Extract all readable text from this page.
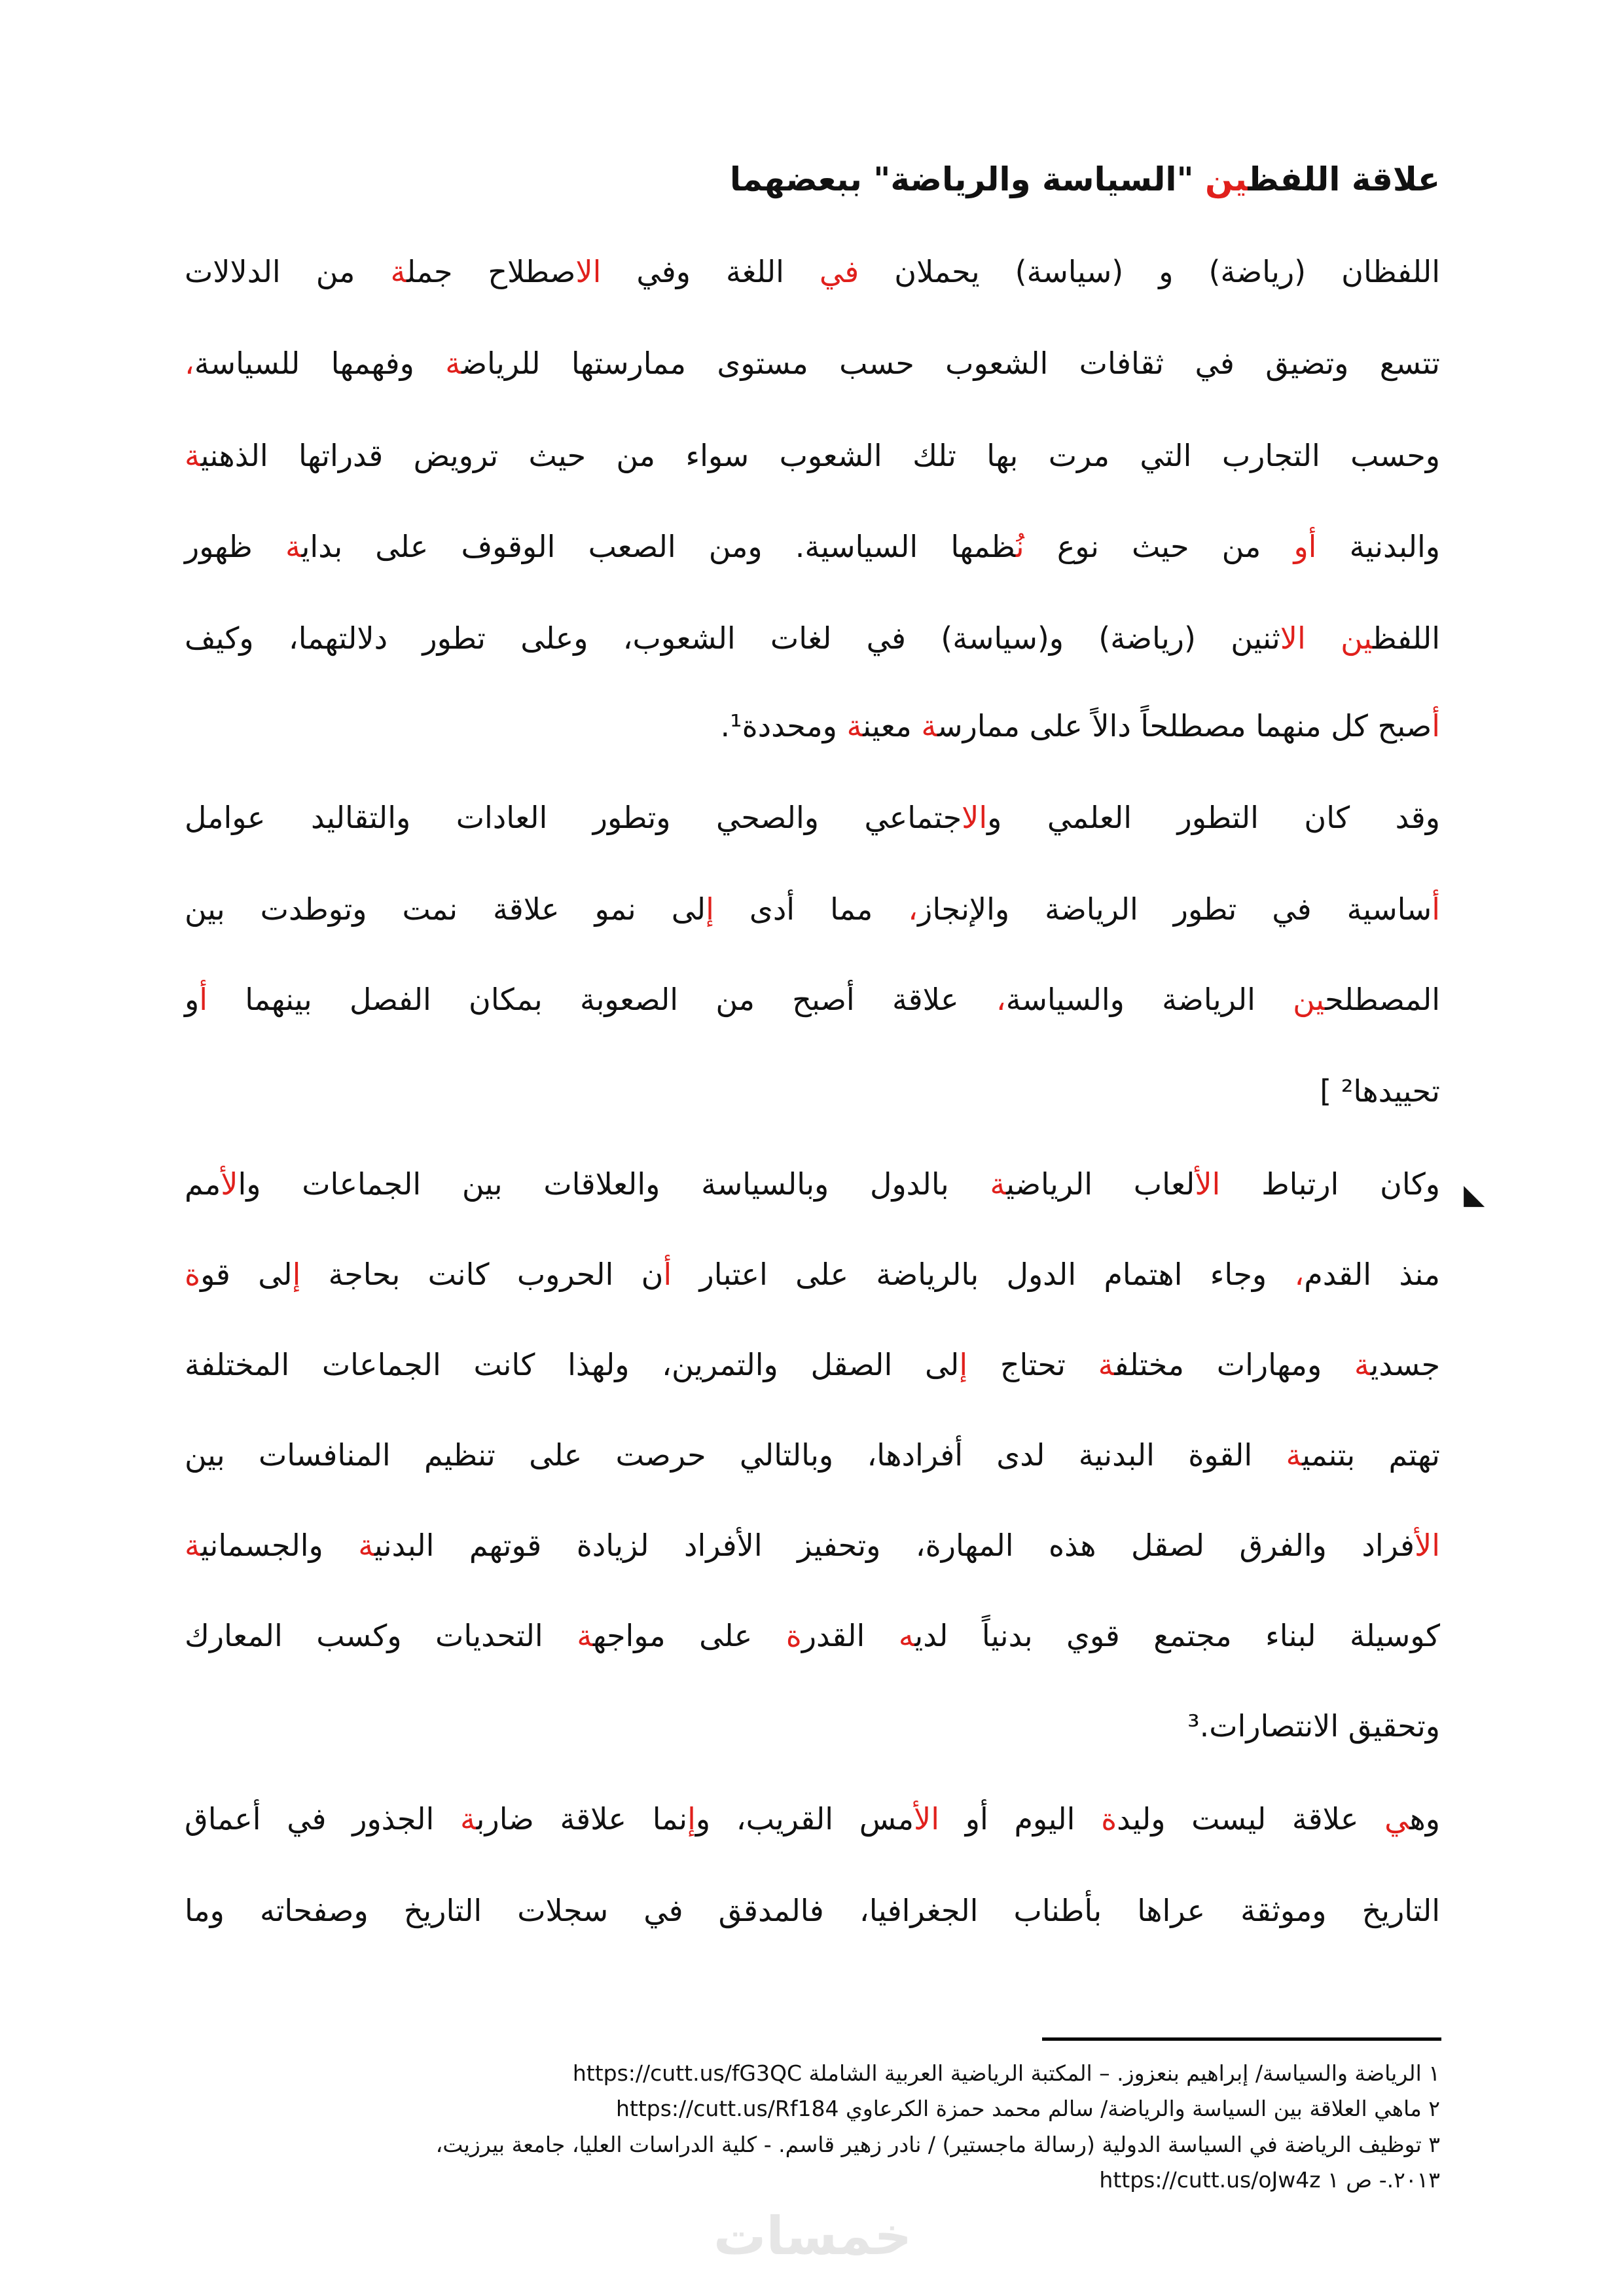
علاقة اللفظين "السياسة والرياضة" ببعضهما
اللفظان (رياضة) و (سياسة) يحملان في اللغة وفي الاصطلاح جملة من الدلالات
تتسع وتضيق في ثقافات الشعوب حسب مستوى ممارستها للرياضة وفهمها للسياسة،
وحسب التجارب التي مرت بها تلك الشعوب سواء من حيث ترويض قدراتها الذهنية
والبدنية أو من حيث نوع نُظمها السياسية. ومن الصعب الوقوف على بداية ظهور
اللفظين الاثنين (رياضة) و(سياسة) في لغات الشعوب، وعلى تطور دلالتهما، وكيف
أصبح كل منهما مصطلحاً دالاً على ممارسة معينة ومحددة¹.
وقد كان التطور العلمي والاجتماعي والصحي وتطور العادات والتقاليد عوامل
أساسية في تطور الرياضة والإنجاز، مما أدى إلى نمو علاقة نمت وتوطدت بين
المصطلحين الرياضة والسياسة، علاقة أصبح من الصعوبة بمكان الفصل بينهما أو
تحييدها² ]
وكان ارتباط الألعاب الرياضية بالدول وبالسياسة والعلاقات بين الجماعات والأمم
منذ القدم، وجاء اهتمام الدول بالرياضة على اعتبار أن الحروب كانت بحاجة إلى قوة
جسدية ومهارات مختلفة تحتاج إلى الصقل والتمرين، ولهذا كانت الجماعات المختلفة
تهتم بتنمية القوة البدنية لدى أفرادها، وبالتالي حرصت على تنظيم المنافسات بين
الأفراد والفرق لصقل هذه المهارة، وتحفيز الأفراد لزيادة قوتهم البدنية والجسمانية
كوسيلة لبناء مجتمع قوي بدنياً لديه القدرة على مواجهة التحديات وكسب المعارك
وتحقيق الانتصارات.³
وهي علاقة ليست وليدة اليوم أو الأمس القريب، وإنما علاقة ضاربة الجذور في أعماق
التاريخ وموثقة عراها بأطناب الجغرافيا، فالمدقق في سجلات التاريخ وصفحاته وما
◣
١ الرياضة والسياسة/ إبراهيم بنعزوز. – المكتبة الرياضية العربية الشاملة https://cutt.us/fG3QC
٢ ماهي العلاقة بين السياسة والرياضة/ سالم محمد حمزة الكرعاوي https://cutt.us/Rf184
٣ توظيف الرياضة في السياسة الدولية (رسالة ماجستير) / نادر زهير قاسم. - كلية الدراسات العليا، جامعة بيرزيت،
٢٠١٣.- ص ١ https://cutt.us/oJw4z
خمسات
